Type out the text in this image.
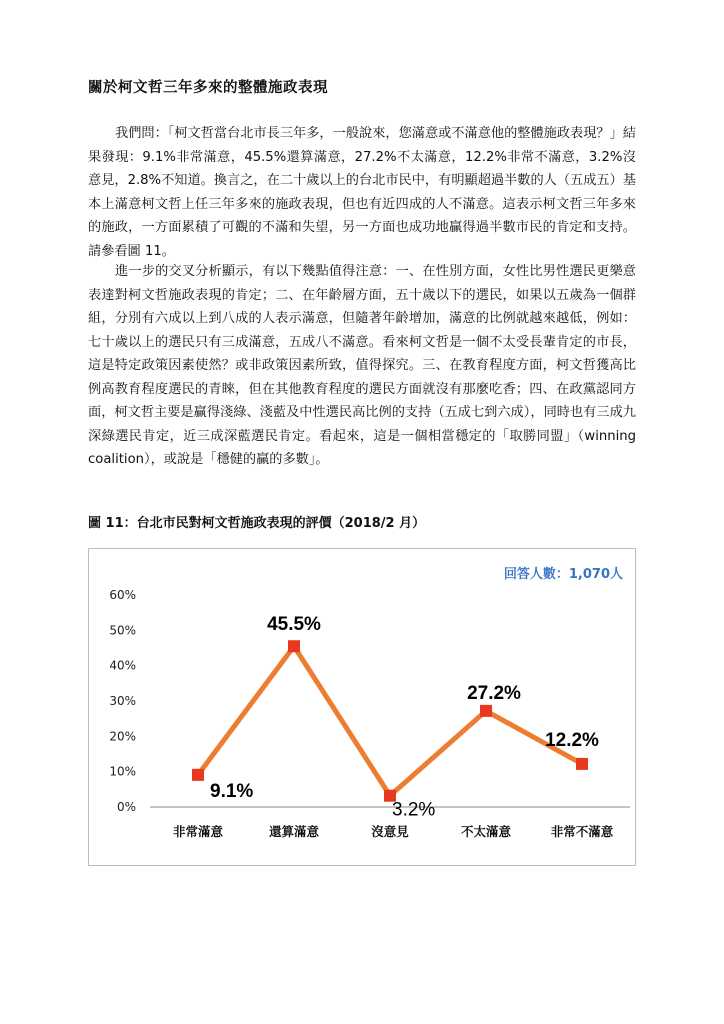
關於柯文哲三年多來的整體施政表現

我們問：「柯文哲當台北市長三年多，一般說來，您滿意或不滿意他的整體施政表現？」結果發現：9.1%非常滿意，45.5%還算滿意，27.2%不太滿意，12.2%非常不滿意，3.2%沒意見，2.8%不知道。換言之，在二十歲以上的台北市民中，有明顯超過半數的人（五成五）基本上滿意柯文哲上任三年多來的施政表現，但也有近四成的人不滿意。這表示柯文哲三年多來的施政，一方面累積了可觀的不滿和失望，另一方面也成功地贏得過半數市民的肯定和支持。請參看圖 11。

進一步的交叉分析顯示，有以下幾點值得注意：一、在性別方面，女性比男性選民更樂意表達對柯文哲施政表現的肯定；二、在年齡層方面，五十歲以下的選民，如果以五歲為一個群組，分別有六成以上到八成的人表示滿意，但隨著年齡增加，滿意的比例就越來越低，例如：七十歲以上的選民只有三成滿意，五成八不滿意。看來柯文哲是一個不太受長輩肯定的市長，這是特定政策因素使然？或非政策因素所致，值得探究。三、在教育程度方面，柯文哲獲高比例高教育程度選民的青睞，但在其他教育程度的選民方面就沒有那麼吃香；四、在政黨認同方面，柯文哲主要是贏得淺綠、淺藍及中性選民高比例的支持（五成七到六成），同時也有三成九深綠選民肯定，近三成深藍選民肯定。看起來，這是一個相當穩定的「取勝同盟」（winning coalition），或說是「穩健的贏的多數」。

圖 11：台北市民對柯文哲施政表現的評價（2018/2 月）
回答人數：1,070人
0%
10%
20%
30%
40%
50%
60%
非常滿意	還算滿意	沒意見	不太滿意	非常不滿意
9.1%
45.5%
3.2%
27.2%
12.2%
